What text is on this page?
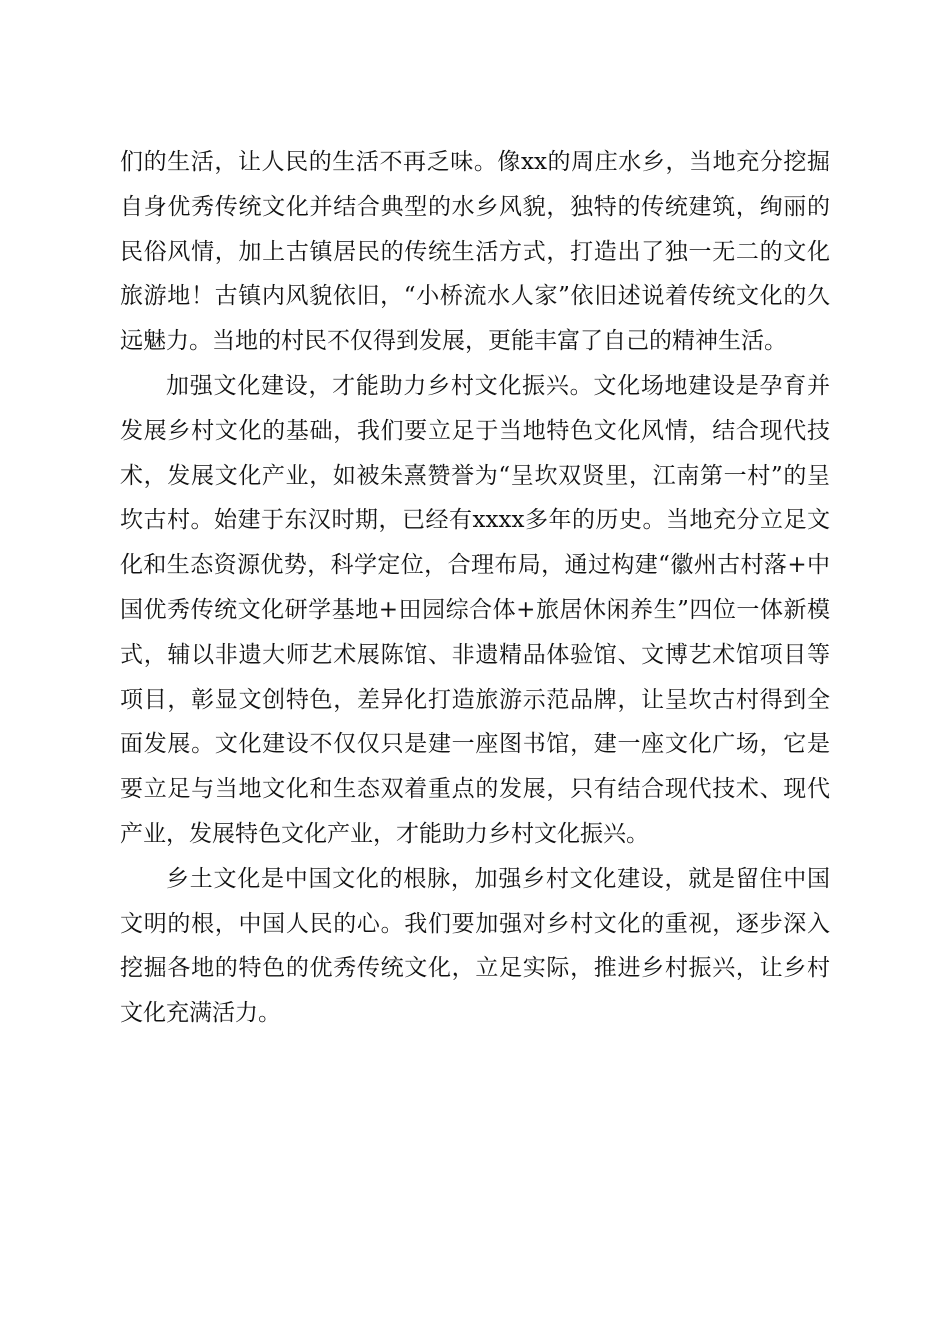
们的生活，让人民的生活不再乏味。像xx的周庄水乡，当地充分挖掘自身优秀传统文化并结合典型的水乡风貌，独特的传统建筑，绚丽的民俗风情，加上古镇居民的传统生活方式，打造出了独一无二的文化旅游地！古镇内风貌依旧，“小桥流水人家”依旧述说着传统文化的久远魅力。当地的村民不仅得到发展，更能丰富了自己的精神生活。

加强文化建设，才能助力乡村文化振兴。文化场地建设是孕育并发展乡村文化的基础，我们要立足于当地特色文化风情，结合现代技术，发展文化产业，如被朱熹赞誉为“呈坎双贤里，江南第一村”的呈坎古村。始建于东汉时期，已经有xxxx多年的历史。当地充分立足文化和生态资源优势，科学定位，合理布局，通过构建“徽州古村落+中国优秀传统文化研学基地+田园综合体+旅居休闲养生”四位一体新模式，辅以非遗大师艺术展陈馆、非遗精品体验馆、文博艺术馆项目等项目，彰显文创特色，差异化打造旅游示范品牌，让呈坎古村得到全面发展。文化建设不仅仅只是建一座图书馆，建一座文化广场，它是要立足与当地文化和生态双着重点的发展，只有结合现代技术、现代产业，发展特色文化产业，才能助力乡村文化振兴。

乡土文化是中国文化的根脉，加强乡村文化建设，就是留住中国文明的根，中国人民的心。我们要加强对乡村文化的重视，逐步深入挖掘各地的特色的优秀传统文化，立足实际，推进乡村振兴，让乡村文化充满活力。
